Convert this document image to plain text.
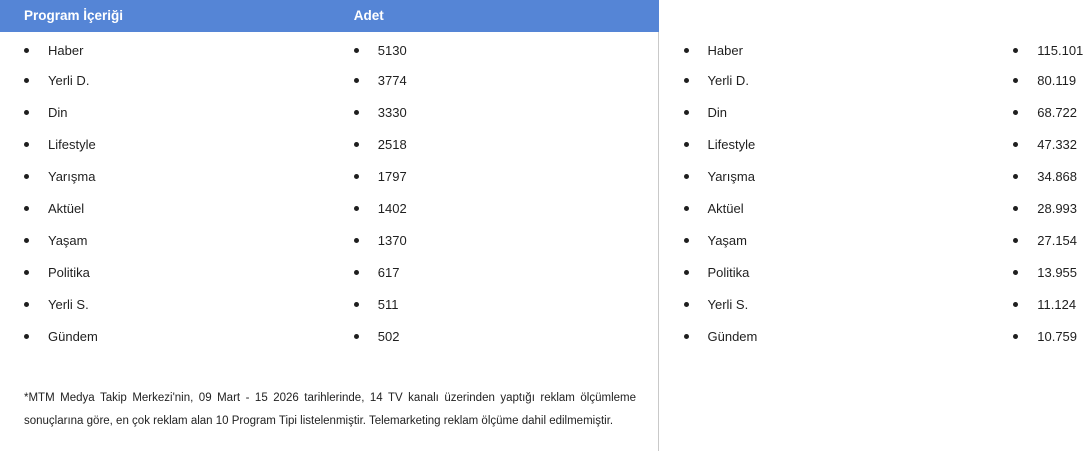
Program İçeriği	Adet	Program İçeriği	Adet

Haber	5130	Haber	115.101

Yerli D.	3774	Yerli D.	80.119

Din	3330	Din	68.722

Lifestyle	2518	Lifestyle	47.332

Yarışma	1797	Yarışma	34.868

Aktüel	1402	Aktüel	28.993

Yaşam	1370	Yaşam	27.154

Politika	617	Politika	13.955

Yerli S.	511	Yerli S.	11.124

Gündem	502	Gündem	10.759

*MTM Medya Takip Merkezi'nin, 09 Mart - 15 2026 tarihlerinde, 14 TV kanalı üzerinden yaptığı reklam ölçümleme sonuçlarına göre, en çok reklam alan 10 Program Tipi listelenmiştir. Telemarketing reklam ölçüme dahil edilmemiştir.
